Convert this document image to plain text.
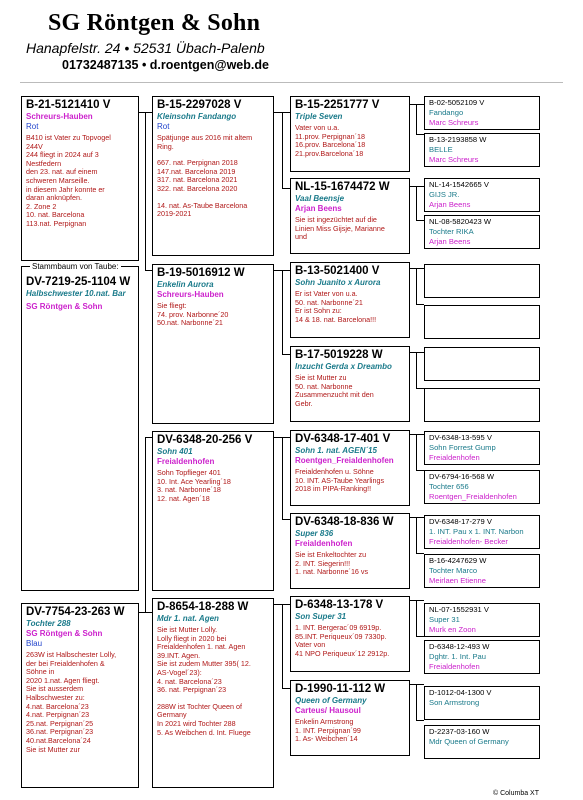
SG Röntgen & Sohn
Hanapfelstr. 24 • 52531 Übach-Palenb
01732487135 • d.roentgen@web.de
B-21-5121410 V
Schreurs-Hauben
Rot
B410 ist Vater zu Topvogel
244V
244 fliegt in 2024 auf 3
Nestfedern
den 23. nat. auf einem
schweren Marseille.
in diesem Jahr konnte er
daran anknüpfen.
2. Zone 2
10. nat. Barcelona
113.nat. Perpignan
DV-7219-25-1104 W
Halbschwester 10.nat. Bar
SG Röntgen & Sohn
Stammbaum von Taube:
DV-7754-23-263 W
Tochter 288
SG Röntgen & Sohn
Blau
263W ist Halbschester Lolly,
der bei Freialdenhofen &
Söhne in
2020 1.nat. Agen fliegt.
Sie ist ausserdem
Halbschwester zu:
4.nat. Barcelona´23
4.nat. Perpignan´23
25.nat. Perpignan´25
36.nat. Perpignan´23
40.nat.Barcelona´24
Sie ist Mutter zur
B-15-2297028 V
Kleinsohn Fandango
Rot
Spätjunge aus 2016 mit altem
Ring.
667. nat. Perpignan 2018
147.nat. Barcelona 2019
317. nat. Barcelona 2021
322. nat. Barcelona 2020
14. nat. As-Taube Barcelona
2019-2021
B-19-5016912 W
Enkelin Aurora
Schreurs-Hauben
Sie fliegt:
74. prov. Narbonne´20
50.nat. Narbonne´21
DV-6348-20-256 V
Sohn 401
Freialdenhofen
Sohn Topflieger 401
10. Int. Ace Yearling´18
3. nat. Narbonne´18
12. nat. Agen´18
D-8654-18-288 W
Mdr 1. nat. Agen
Sie ist Mutter Lolly.
Lolly fliegt in 2020 bei
Freialdenhofen 1. nat. Agen
39.INT. Agen.
Sie ist zudem Mutter 395( 12.
AS-Vogel´23):
4. nat. Barcelona´23
36. nat. Perpignan´23
288W ist Tochter Queen of
Germany
In 2021 wird Tochter 288
5. As Weibchen d. Int. Fluege
B-15-2251777 V
Triple Seven
Vater von u.a.
11.prov. Perpignan´18
16.prov. Barcelona´18
21.prov.Barcelona´18
NL-15-1674472 W
Vaal Beensje
Arjan Beens
Sie ist ingezüchtet auf die
Linien Miss Gijsje, Marianne
und
B-13-5021400 V
Sohn Juanito x Aurora
Er ist Vater von u.a.
50. nat. Narbonne´21
Er ist Sohn zu:
14 & 18. nat. Barcelona!!!
B-17-5019228 W
Inzucht Gerda x Dreambo
Sie ist Mutter zu
50. nat. Narbonne
Zusammenzucht mit den
Gebr.
DV-6348-17-401 V
Sohn 1. nat. AGEN´15
Roentgen_Freialdenhofen
Freialdenhofen u. Söhne
10. INT. AS-Taube Yearlings
2018 im PIPA-Ranking!!
DV-6348-18-836 W
Super 836
Freialdenhofen
Sie ist Enkeltochter zu
2. INT. Siegerin!!!
1. nat. Narbonne´16 vs
D-6348-13-178 V
Son Super 31
1. INT. Bergerac´09 6919p.
85.INT. Periqueux´09 7330p.
Vater von
41 NPO Periqueux´12 2912p.
D-1990-11-112 W
Queen of Germany
Carteus/ Hausoul
Enkelin Armstrong
1. INT. Perpignan´99
1. As- Weibchen´14
B-02-5052109 V
Fandango
Marc Schreurs
B-13-2193858 W
BELLE
Marc Schreurs
NL-14-1542665 V
GIJS JR.
Arjan Beens
NL-08-5820423 W
Tochter RIKA
Arjan Beens
DV-6348-13-595 V
Sohn Forrest Gump
Freialdenhofen
DV-6794-16-568 W
Tochter 656
Roentgen_Freialdenhofen
DV-6348-17-279 V
1. INT. Pau x 1. INT. Narbon
Freialdenhofen- Becker
B-16-4247629 W
Tochter Marco
Meirlaen Etienne
NL-07-1552931 V
Super 31
Murk en Zoon
D-6348-12-493 W
Dghtr. 1. Int. Pau
Freialdenhofen
D-1012-04-1300 V
Son Armstrong
D-2237-03-160 W
Mdr Queen of Germany
© Columba XT
